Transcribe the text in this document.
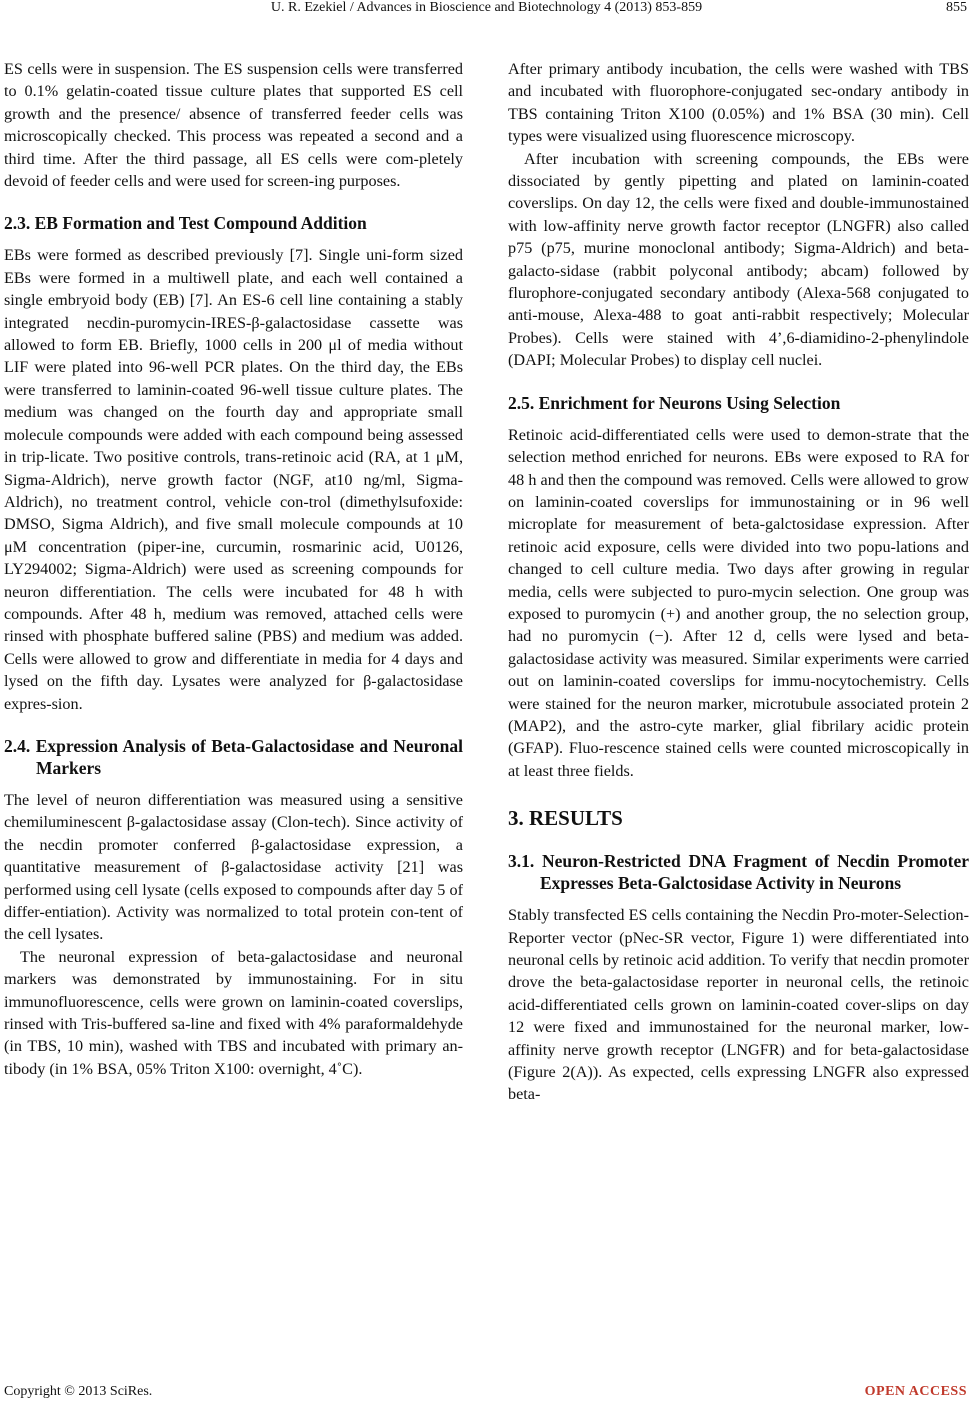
U. R. Ezekiel / Advances in Bioscience and Biotechnology 4 (2013) 853-859	855

ES cells were in suspension. The ES suspension cells were transferred to 0.1% gelatin-coated tissue culture plates that supported ES cell growth and the presence/ absence of transferred feeder cells was microscopically checked. This process was repeated a second and a third time. After the third passage, all ES cells were com-pletely devoid of feeder cells and were used for screen-ing purposes.

2.3. EB Formation and Test Compound Addition

EBs were formed as described previously [7]. Single uni-form sized EBs were formed in a multiwell plate, and each well contained a single embryoid body (EB) [7]. An ES-6 cell line containing a stably integrated necdin-puromycin-IRES-β-galactosidase cassette was allowed to form EB. Briefly, 1000 cells in 200 μl of media without LIF were plated into 96-well PCR plates. On the third day, the EBs were transferred to laminin-coated 96-well tissue culture plates. The medium was changed on the fourth day and appropriate small molecule compounds were added with each compound being assessed in trip-licate. Two positive controls, trans-retinoic acid (RA, at 1 μM, Sigma-Aldrich), nerve growth factor (NGF, at10 ng/ml, Sigma-Aldrich), no treatment control, vehicle con-trol (dimethylsufoxide: DMSO, Sigma Aldrich), and five small molecule compounds at 10 μM concentration (piper-ine, curcumin, rosmarinic acid, U0126, LY294002; Sigma-Aldrich) were used as screening compounds for neuron differentiation. The cells were incubated for 48 h with compounds. After 48 h, medium was removed, attached cells were rinsed with phosphate buffered saline (PBS) and medium was added. Cells were allowed to grow and differentiate in media for 4 days and lysed on the fifth day. Lysates were analyzed for β-galactosidase expres-sion.

2.4. Expression Analysis of Beta-Galactosidase and Neuronal Markers

The level of neuron differentiation was measured using a sensitive chemiluminescent β-galactosidase assay (Clon-tech). Since activity of the necdin promoter conferred β-galactosidase expression, a quantitative measurement of β-galactosidase activity [21] was performed using cell lysate (cells exposed to compounds after day 5 of differ-entiation). Activity was normalized to total protein con-tent of the cell lysates.

The neuronal expression of beta-galactosidase and neuronal markers was demonstrated by immunostaining. For in situ immunofluorescence, cells were grown on laminin-coated coverslips, rinsed with Tris-buffered sa-line and fixed with 4% paraformaldehyde (in TBS, 10 min), washed with TBS and incubated with primary an-tibody (in 1% BSA, 05% Triton X100: overnight, 4˚C).

After primary antibody incubation, the cells were washed with TBS and incubated with fluorophore-conjugated sec-ondary antibody in TBS containing Triton X100 (0.05%) and 1% BSA (30 min). Cell types were visualized using fluorescence microscopy.

After incubation with screening compounds, the EBs were dissociated by gently pipetting and plated on laminin-coated coverslips. On day 12, the cells were fixed and double-immunostained with low-affinity nerve growth factor receptor (LNGFR) also called p75 (p75, murine monoclonal antibody; Sigma-Aldrich) and beta-galacto-sidase (rabbit polyconal antibody; abcam) followed by flurophore-conjugated secondary antibody (Alexa-568 conjugated to anti-mouse, Alexa-488 to goat anti-rabbit respectively; Molecular Probes). Cells were stained with 4’,6-diamidino-2-phenylindole (DAPI; Molecular Probes) to display cell nuclei.

2.5. Enrichment for Neurons Using Selection

Retinoic acid-differentiated cells were used to demon-strate that the selection method enriched for neurons. EBs were exposed to RA for 48 h and then the compound was removed. Cells were allowed to grow on laminin-coated coverslips for immunostaining or in 96 well microplate for measurement of beta-galctosidase expression. After retinoic acid exposure, cells were divided into two popu-lations and changed to cell culture media. Two days after growing in regular media, cells were subjected to puro-mycin selection. One group was exposed to puromycin (+) and another group, the no selection group, had no puromycin (−). After 12 d, cells were lysed and beta-galactosidase activity was measured. Similar experiments were carried out on laminin-coated coverslips for immu-nocytochemistry. Cells were stained for the neuron marker, microtubule associated protein 2 (MAP2), and the astro-cyte marker, glial fibrilary acidic protein (GFAP). Fluo-rescence stained cells were counted microscopically in at least three fields.

3. RESULTS
3.1. Neuron-Restricted DNA Fragment of Necdin Promoter Expresses Beta-Galctosidase Activity in Neurons

Stably transfected ES cells containing the Necdin Pro-moter-Selection-Reporter vector (pNec-SR vector, Figure 1) were differentiated into neuronal cells by retinoic acid addition. To verify that necdin promoter drove the beta-galactosidase reporter in neuronal cells, the retinoic acid-differentiated cells grown on laminin-coated cover-slips on day 12 were fixed and immunostained for the neuronal marker, low-affinity nerve growth receptor (LNGFR) and for beta-galactosidase (Figure 2(A)). As expected, cells expressing LNGFR also expressed beta-

Copyright © 2013 SciRes.	OPEN ACCESS
